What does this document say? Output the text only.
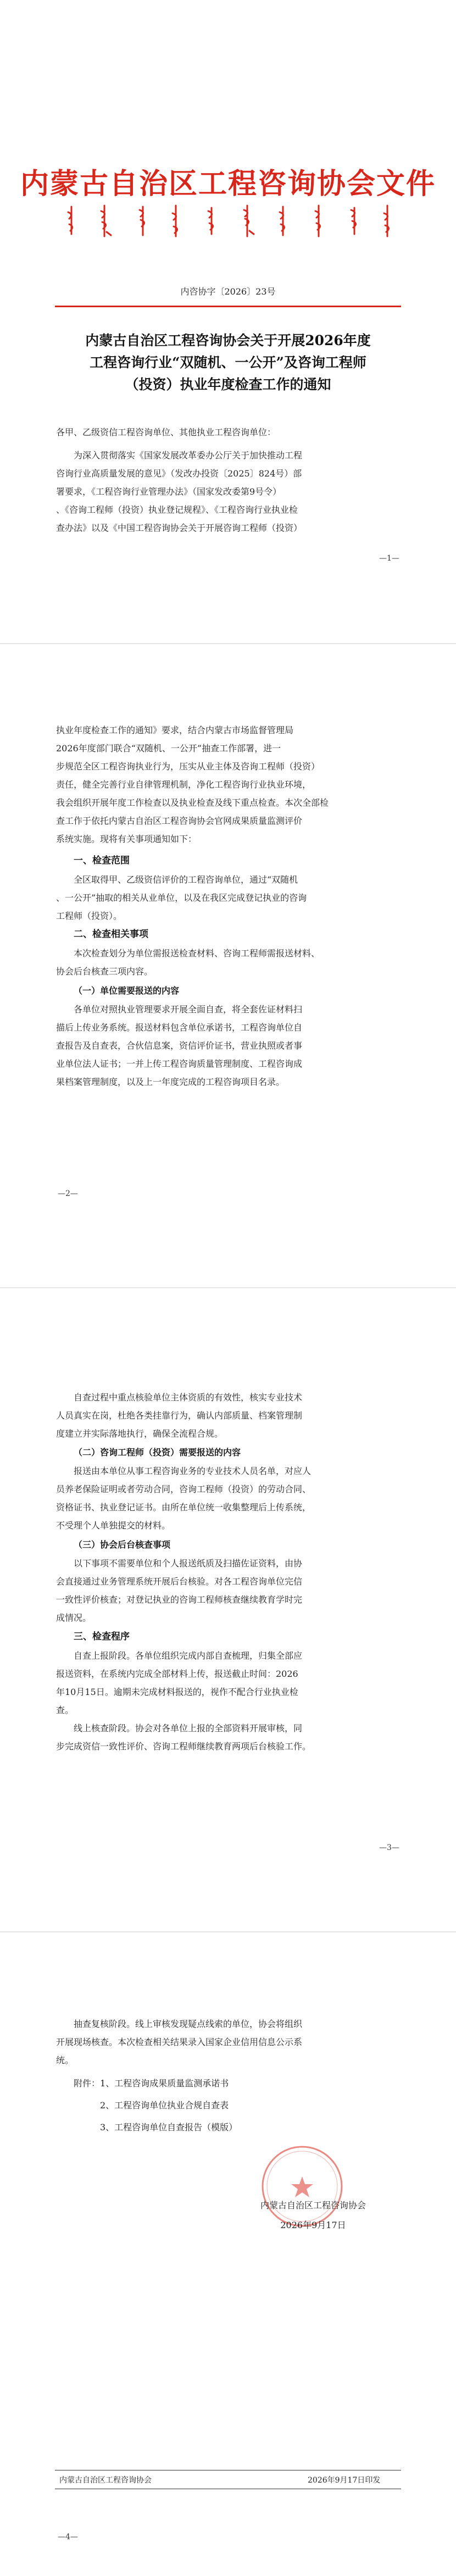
内蒙古自治区工程咨询协会文件
内咨协字〔2026〕23号
内蒙古自治区工程咨询协会关于开展2026年度
工程咨询行业“双随机、一公开”及咨询工程师
（投资）执业年度检查工作的通知
各甲、乙级资信工程咨询单位、其他执业工程咨询单位：
为深入贯彻落实《国家发展改革委办公厅关于加快推动工程
咨询行业高质量发展的意见》（发改办投资〔2025〕824号）部
署要求，《工程咨询行业管理办法》（国家发改委第9号令）
、《咨询工程师（投资）执业登记规程》、《工程咨询行业执业检
查办法》以及《中国工程咨询协会关于开展咨询工程师（投资）
—1—
执业年度检查工作的通知》要求，结合内蒙古市场监督管理局
2026年度部门联合“双随机、一公开”抽查工作部署，进一
步规范全区工程咨询执业行为，压实从业主体及咨询工程师（投资）
责任，健全完善行业自律管理机制，净化工程咨询行业执业环境，
我会组织开展年度工作检查以及执业检查及线下重点检查。本次全部检
查工作于依托内蒙古自治区工程咨询协会官网成果质量监测评价
系统实施。现将有关事项通知如下：
一、检查范围
全区取得甲、乙级资信评价的工程咨询单位，通过“双随机
、一公开”抽取的相关从业单位，以及在我区完成登记执业的咨询
工程师（投资）。
二、检查相关事项
本次检查划分为单位需报送检查材料、咨询工程师需报送材料、
协会后台核查三项内容。
（一）单位需要报送的内容
各单位对照执业管理要求开展全面自查，将全套佐证材料扫
描后上传业务系统。报送材料包含单位承诺书，工程咨询单位自
查报告及自查表，合伙信息案，资信评价证书，营业执照或者事
业单位法人证书；一并上传工程咨询质量管理制度、工程咨询成
果档案管理制度，以及上一年度完成的工程咨询项目名录。
—2—
自查过程中重点核验单位主体资质的有效性，核实专业技术
人员真实在岗，杜绝各类挂靠行为，确认内部质量、档案管理制
度建立并实际落地执行，确保全流程合规。
（二）咨询工程师（投资）需要报送的内容
报送由本单位从事工程咨询业务的专业技术人员名单，对应人
员养老保险证明或者劳动合同，咨询工程师（投资）的劳动合同、
资格证书、执业登记证书。由所在单位统一收集整理后上传系统，
不受理个人单独提交的材料。
（三）协会后台核查事项
以下事项不需要单位和个人报送纸质及扫描佐证资料，由协
会直接通过业务管理系统开展后台核验。对各工程咨询单位完信
一致性评价核查；对登记执业的咨询工程师核查继续教育学时完
成情况。
三、检查程序
自查上报阶段。各单位组织完成内部自查梳理，归集全部应
报送资料，在系统内完成全部材料上传，报送截止时间：2026
年10月15日。逾期未完成材料报送的，视作不配合行业执业检
查。
线上核查阶段。协会对各单位上报的全部资料开展审核，同
步完成资信一致性评价、咨询工程师继续教育两项后台核验工作。
—3—
抽查复核阶段。线上审核发现疑点线索的单位，协会将组织
开展现场核查。本次检查相关结果录入国家企业信用信息公示系
统。
附件：1、工程咨询成果质量监测承诺书
2、工程咨询单位执业合规自查表
3、工程咨询单位自查报告（模版）
内蒙古自治区工程咨询协会
2026年9月17日
内蒙古自治区工程咨询协会	2026年9月17日印发
—4—
